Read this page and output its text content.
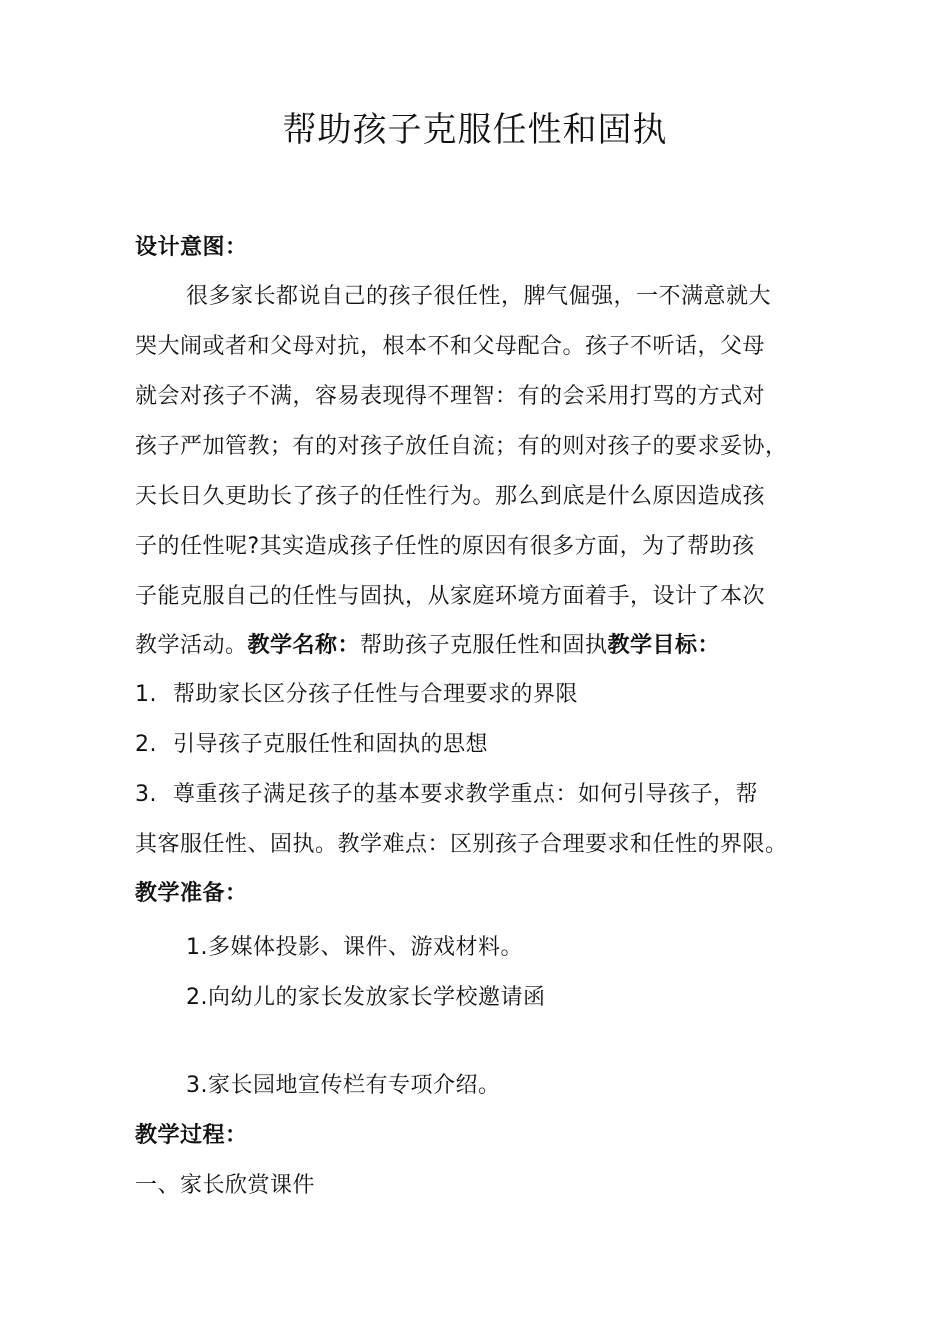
帮助孩子克服任性和固执
设计意图：
很多家长都说自己的孩子很任性，脾气倔强，一不满意就大
哭大闹或者和父母对抗，根本不和父母配合。孩子不听话，父母
就会对孩子不满，容易表现得不理智：有的会采用打骂的方式对
孩子严加管教；有的对孩子放任自流；有的则对孩子的要求妥协，
天长日久更助长了孩子的任性行为。那么到底是什么原因造成孩
子的任性呢?其实造成孩子任性的原因有很多方面，为了帮助孩
子能克服自己的任性与固执，从家庭环境方面着手，设计了本次
教学活动。教学名称：帮助孩子克服任性和固执教学目标：
1. 帮助家长区分孩子任性与合理要求的界限
2. 引导孩子克服任性和固执的思想
3. 尊重孩子满足孩子的基本要求教学重点：如何引导孩子，帮
其客服任性、固执。教学难点：区别孩子合理要求和任性的界限。
教学准备：
1.多媒体投影、课件、游戏材料。
2.向幼儿的家长发放家长学校邀请函
3.家长园地宣传栏有专项介绍。
教学过程：
一、家长欣赏课件
